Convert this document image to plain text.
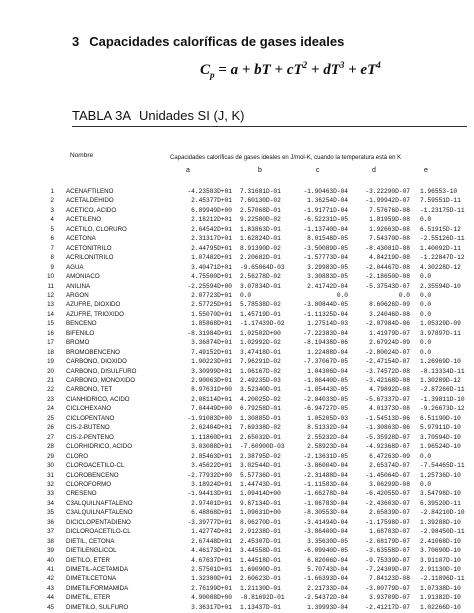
3 Capacidades caloríficas de gases ideales
$C_p = a$ + bT + $cT^2 + dT^3 + eT^4$
TABLA 3A Unidades SI (J, K)
Nombre	Capacidades caloríficas de gases ideales en J/mol-K, cuando la temperatura está en K
a	b	c	d	e
1 ACENAFTILENO	-4.23583D+01 7.31681D-01	-1.90463D-04	-3.22290D-07 1.96553-10
2 ACETALDEHIDO	2.45377D+01 7.60130D-02	1.36254D-04	-1.99942D-07 7.59551D-11
3 ACETICO, ACIDO	6.89949D+00 2.57068D-01	-1.91771D-04	7.57676D-08 -1.23175D-11
4 ACETILENO	2.18212D+01 9.22580D-02	-6.52231D-05	1.81959D-08 0.0
5 ACETILO, CLORURO	2.64542D+01 1.83863D-01	-1.13740D-04	1.92663D-08 6.51915D-12
6 ACETONA	2.31317D+01 1.62824D-01	8.01548D-05	7.54370D-08 -2.55126D-11
7 ACETONITRILO	2.44795D+01 8.91390D-02	-3.50089D-05	-8.43081D-08 1.40092D-11
8 ACRILONITRILO	1.07482D+01 2.20682D-01	-1.57773D-04	4.84219D-08 -1.22847D-12
9 AGUA	3.40471D+01 -9.65064D-03	3.29983D-05	-2.04467D-08 4.30228D-12
10 AMONIACO	4.75500D+01 2.56278D-02	3.30883D-05	-2.18650D-08 0.0
11 ANILINA	-2.25594D+00 3.07834D-01	2.41742D-04	-5.37543D-07 2.35594D-10
12 ARGON	2.07723D+01 0.0	0.0	0.0 0.0
13 AZUFRE, DIOXIDO	2.57725D+01 5.78538D-02	-3.80844D-05	8.60626D-09 0.0
14 AZUFRE, TRIOXIDO	1.55070D+01 1.45719D-01	-1.11325D-04	3.24046D-08 0.0
15 BENCENO	1.85868D+01 -1.17439D-02	1.27514D-03	-2.07984D-06 1.05329D-09
16 BIFENILO	-8.31984D+01 1.02502D+00	-7.22383D-04	1.41979D-07 3.97897D-11
17 BROMO	3.36874D+01 1.02992D-02	-8.19438D-06	2.67924D-09 0.0
18 BROMOBENCENO	7.49152D+01 3.47418D-01	1.22488D-04	-2.80024D-07 0.0
19 CARBONO, DIOXIDO	1.90223D+01 7.96291D-02	-7.37067D-05	-2.47154D-07 1.26969D-10
20 CARBONO, DISULFURO	3.30999D+01 1.06167D-02	1.04306D-04	-3.74572D-08 -8.13334D-11
21 CARBONO, MONOXIDO	2.90063D+01 2.49235D-03	-1.86440D-05	-3.42168D-08 1.30289D-12
22 CARBONO, TET	8.97631D+00 3.52340D-01	-1.85443D-05	4.79892D-08 -2.87266D-11
23 CIANHIDRICO, ACIDO	2.08114D+01 4.20025D-02	-2.04033D-05	-5.67337D-07 -1.39811D-10
24 CICLOHEXANO	7.04449D+00 6.79258D-01	-6.94727D-05	4.01373D-08 -9.26673D-12
25 CICLOPENTANO	-1.91083D+00 1.30885D-01	1.05205D-03	-1.54513D-06 6.51190D-10
26 CIS-2-BUTENO	2.62404D+01 7.69338D-02	8.51332D-04	-1.30863D-06 5.97911D-10
27 CIS-2-PENTENO	1.11860D+01 2.65032D-01	2.55232D-04	-5.35928D-07 3.70594D-10
28 CLORHIDRICO, ACIDO	3.03088D+01 -7.60900D-03	2.58923D-04	-4.92368D-07 1.96524D-10
29 CLORO	2.85463D+01 2.38795D-02	-2.13631D-05	6.47263D-09 0.0
30 CLOROACETILO-CL	3.45622D+01 3.02544D-01	-3.86004D-04	2.65374D-07 -7.54465D-11
31 CLOROBENCENO	-2.77932D+00 5.57736D-01	-2.31488D-04	-1.45064D-07 1.25736D-10
32 CLOROFORMO	3.18924D+01 1.44743D-01	-1.11583D-04	3.06299D-08 0.0
33 CRESENO	-1.94413D+01 1.09414D+00	-1.66278D-04	-6.42055D-07 3.54798D-10
34 C3ALQUILNAFTALENO	2.97401D+01 9.67134D-01	-1.06783D-04	-2.43603D-07 6.39520D-11
35 C3ALQUILNAFTALENO	6.48868D+01 1.09631D+00	-8.30553D-04	2.65839D-07 -2.84210D-10
36 DICICLOPENTADIENO	-3.39777D+01 8.06270D-01	-3.41494D-04	-1.17598D-07 1.39288D-10
37 DICLOROACETILO-CL	1.42774D+01 2.91238D-01	-3.86400D-04	1.68703D-07 -2.98450D-11
38 DIETIL, CETONA	2.67448D+01 2.45307D-01	3.35630D-05	-2.68179D-07 2.41068D-10
39 DIETILENGLICOL	4.46173D+01 3.44558D-01	-6.09940D-05	-3.63558D-07 3.70690D-10
40 DIETILO, ETER	4.67637D+01 1.44518D-01	6.82006D-04	-9.75339D-07 3.91107D-10
41 DIMETIL-ACETAMIDA	2.57501D+01 1.69090D-01	5.70743D-04	-7.24309D-07 2.91130D-10
42 DIMETILCETONA	1.32380D+01 2.60623D-01	-1.66393D-04	7.84123D-08 -2.11896D-11
43 DIMETILFORMAMIDA	2.76199D+01 1.21130D-01	2.21733D-04	-3.00779D-07 1.07338D-10
44 DIMETIL, ETER	4.90088D+00 -8.81692D-01	-2.54372D-04	3.93709D-07 1.91382D-10
45 DIMETILO, SULFURO	3.36317D+01 1.13437D-01	1.39993D-04	-2.41217D-07 1.02266D-10
